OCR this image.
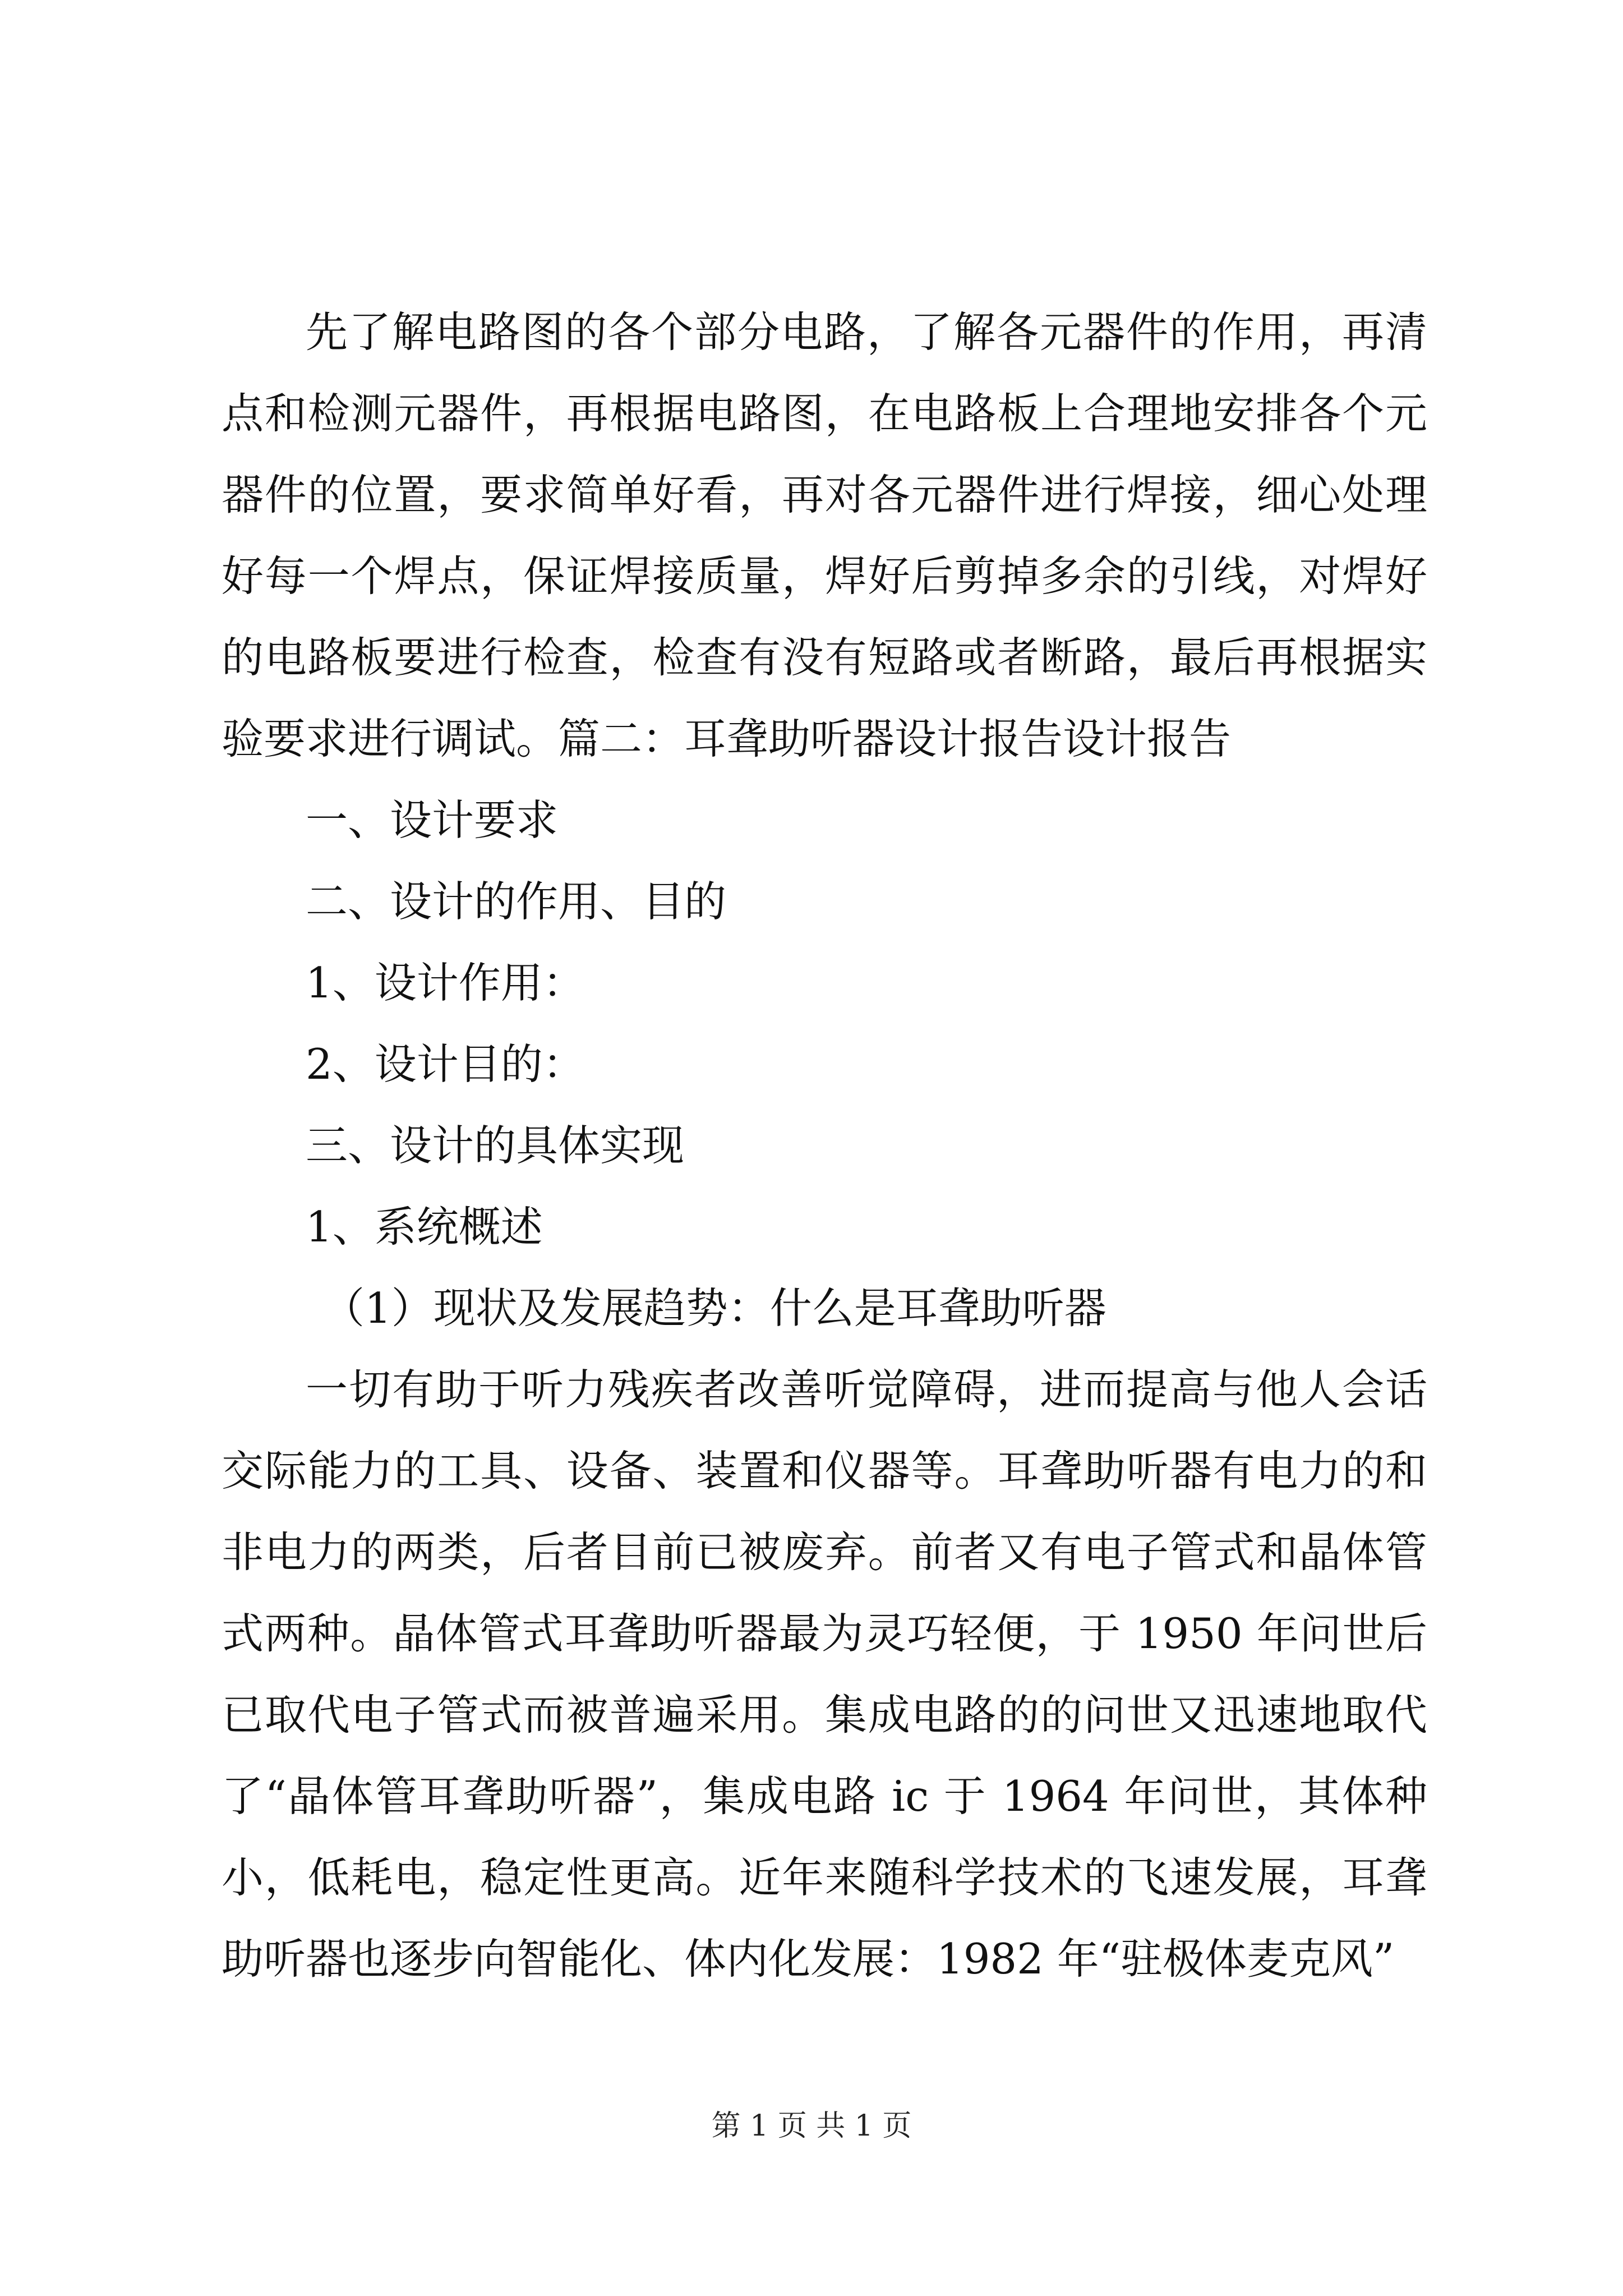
先了解电路图的各个部分电路，了解各元器件的作用，再清点和检测元器件，再根据电路图，在电路板上合理地安排各个元器件的位置，要求简单好看，再对各元器件进行焊接，细心处理好每一个焊点，保证焊接质量，焊好后剪掉多余的引线，对焊好的电路板要进行检查，检查有没有短路或者断路，最后再根据实验要求进行调试。篇二：耳聋助听器设计报告设计报告

一、设计要求

二、设计的作用、目的

1、设计作用：

2、设计目的：

三、设计的具体实现

1、系统概述

（1）现状及发展趋势：什么是耳聋助听器

一切有助于听力残疾者改善听觉障碍，进而提高与他人会话交际能力的工具、设备、装置和仪器等。耳聋助听器有电力的和非电力的两类，后者目前已被废弃。前者又有电子管式和晶体管式两种。晶体管式耳聋助听器最为灵巧轻便，于 1950 年问世后已取代电子管式而被普遍采用。集成电路的的问世又迅速地取代了“晶体管耳聋助听器”，集成电路 ic 于 1964 年问世，其体种小，低耗电，稳定性更高。近年来随科学技术的飞速发展，耳聋助听器也逐步向智能化、体内化发展：1982 年“驻极体麦克风”

第 1 页 共 1 页
